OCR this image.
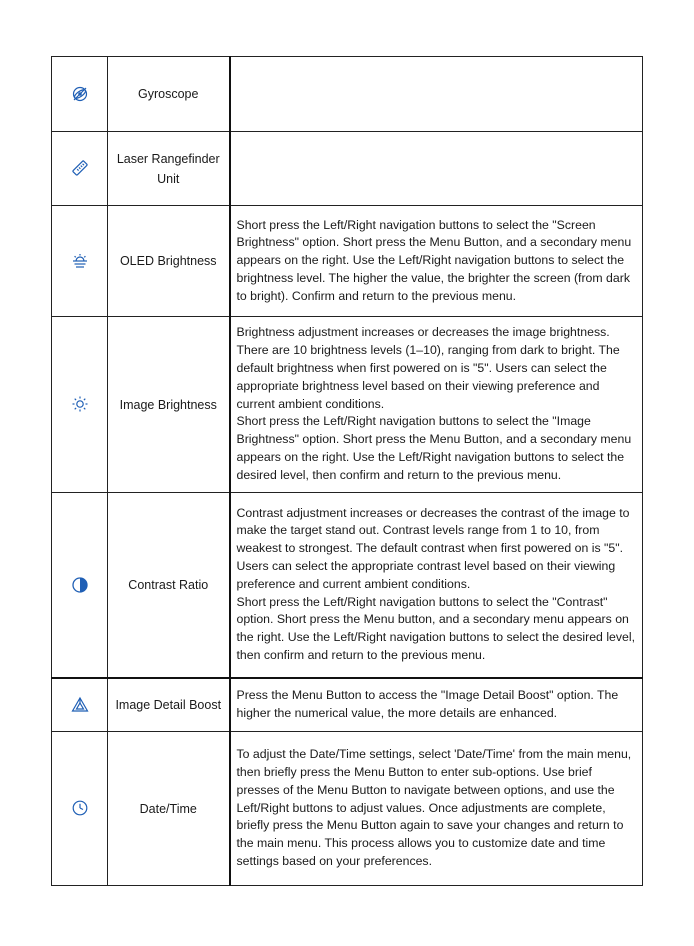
	Gyroscope	

	Laser Rangefinder Unit	

	OLED Brightness	Short press the Left/Right navigation buttons to select the "Screen Brightness" option. Short press the Menu Button, and a secondary menu appears on the right. Use the Left/Right navigation buttons to select the brightness level. The higher the value, the brighter the screen (from dark to bright). Confirm and return to the previous menu.

	Image Brightness	Brightness adjustment increases or decreases the image brightness. There are 10 brightness levels (1–10), ranging from dark to bright. The default brightness when first powered on is "5". Users can select the appropriate brightness level based on their viewing preference and current ambient conditions.
Short press the Left/Right navigation buttons to select the "Image Brightness" option. Short press the Menu Button, and a secondary menu appears on the right. Use the Left/Right navigation buttons to select the desired level, then confirm and return to the previous menu.

	Contrast Ratio	Contrast adjustment increases or decreases the contrast of the image to make the target stand out. Contrast levels range from 1 to 10, from weakest to strongest. The default contrast when first powered on is "5". Users can select the appropriate contrast level based on their viewing preference and current ambient conditions.
Short press the Left/Right navigation buttons to select the "Contrast" option. Short press the Menu button, and a secondary menu appears on the right. Use the Left/Right navigation buttons to select the desired level, then confirm and return to the previous menu.

	Image Detail Boost	Press the Menu Button to access the "Image Detail Boost" option. The higher the numerical value, the more details are enhanced.

	Date/Time	To adjust the Date/Time settings, select 'Date/Time' from the main menu, then briefly press the Menu Button to enter sub-options. Use brief presses of the Menu Button to navigate between options, and use the Left/Right buttons to adjust values. Once adjustments are complete, briefly press the Menu Button again to save your changes and return to the main menu. This process allows you to customize date and time settings based on your preferences.
